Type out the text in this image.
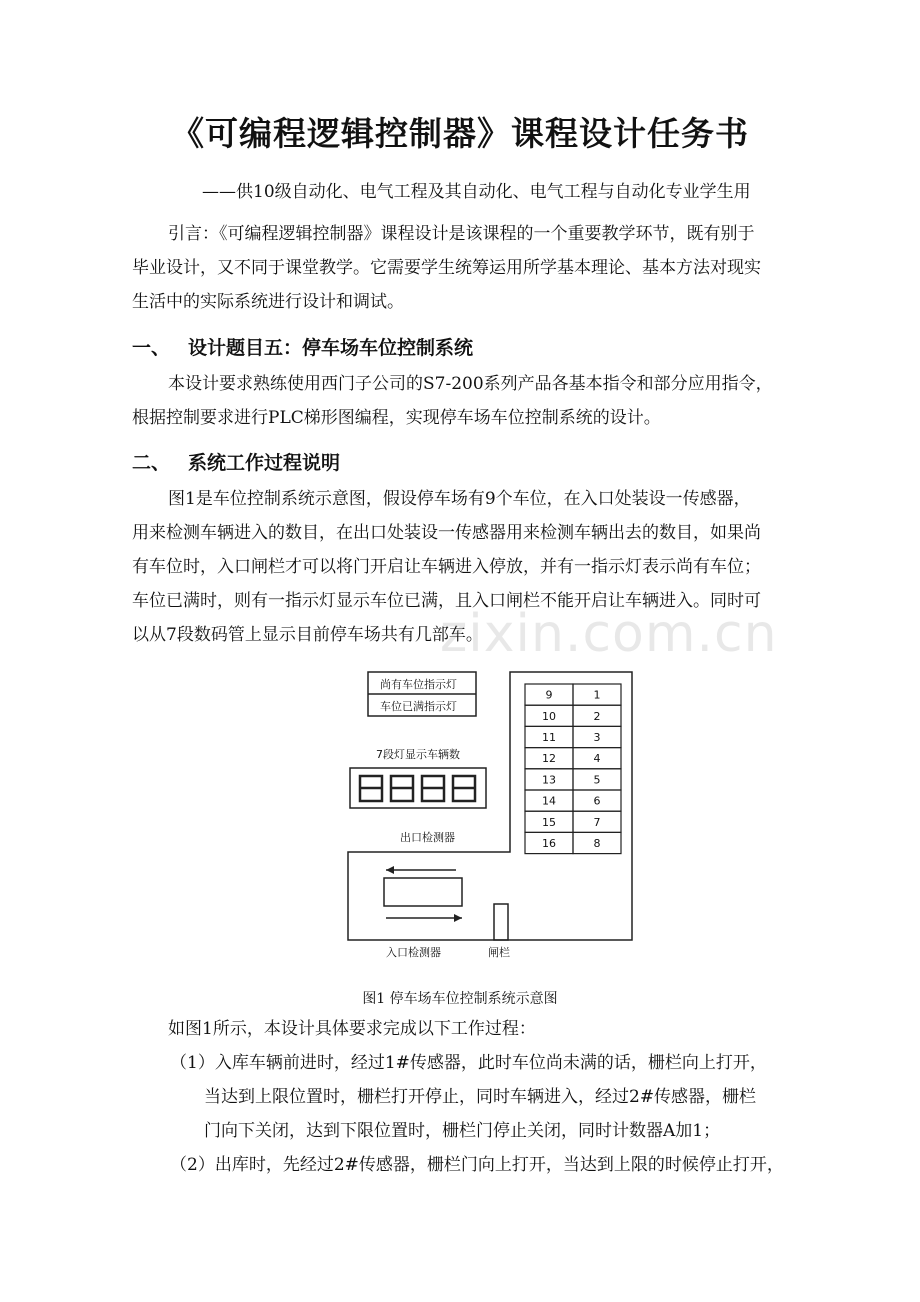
《可编程逻辑控制器》课程设计任务书
——供10级自动化、电气工程及其自动化、电气工程与自动化专业学生用

引言：《可编程逻辑控制器》课程设计是该课程的一个重要教学环节，既有别于

毕业设计，又不同于课堂教学。它需要学生统筹运用所学基本理论、基本方法对现实

生活中的实际系统进行设计和调试。

一、 设计题目五：停车场车位控制系统

本设计要求熟练使用西门子公司的S7-200系列产品各基本指令和部分应用指令，

根据控制要求进行PLC梯形图编程，实现停车场车位控制系统的设计。

二、 系统工作过程说明

图1是车位控制系统示意图，假设停车场有9个车位，在入口处装设一传感器，

用来检测车辆进入的数目，在出口处装设一传感器用来检测车辆出去的数目，如果尚

有车位时，入口闸栏才可以将门开启让车辆进入停放，并有一指示灯表示尚有车位；

车位已满时，则有一指示灯显示车位已满，且入口闸栏不能开启让车辆进入。同时可

以从7段数码管上显示目前停车场共有几部车。

zixin.com.cn
尚有车位指示灯
车位已满指示灯
7段灯显示车辆数
出口检测器
入口检测器	闸栏
9
10
11
12
13
14
15
16
1
2
3
4
5
6
7
8
图1 停车场车位控制系统示意图
如图1所示，本设计具体要求完成以下工作过程：
（1）入库车辆前进时，经过1#传感器，此时车位尚未满的话，栅栏向上打开，
当达到上限位置时，栅栏打开停止，同时车辆进入，经过2#传感器，栅栏
门向下关闭，达到下限位置时，栅栏门停止关闭，同时计数器A加1；
（2）出库时，先经过2#传感器，栅栏门向上打开，当达到上限的时候停止打开，
